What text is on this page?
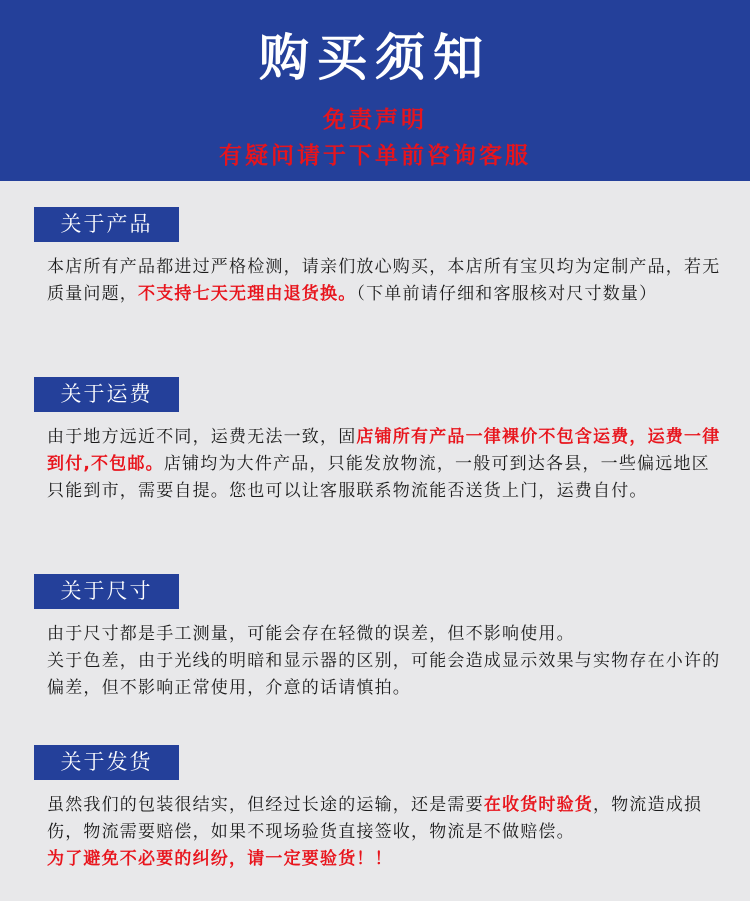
购买须知
免责声明
有疑问请于下单前咨询客服
关于产品
本店所有产品都进过严格检测，请亲们放心购买，本店所有宝贝均为定制产品，若无质量问题，不支持七天无理由退货换。（下单前请仔细和客服核对尺寸数量）
关于运费
由于地方远近不同，运费无法一致，固店铺所有产品一律裸价不包含运费，运费一律到付,不包邮。店铺均为大件产品，只能发放物流，一般可到达各县，一些偏远地区只能到市，需要自提。您也可以让客服联系物流能否送货上门，运费自付。
关于尺寸
由于尺寸都是手工测量，可能会存在轻微的误差，但不影响使用。
关于色差，由于光线的明暗和显示器的区别，可能会造成显示效果与实物存在小许的偏差，但不影响正常使用，介意的话请慎拍。
关于发货
虽然我们的包装很结实，但经过长途的运输，还是需要在收货时验货，物流造成损伤，物流需要赔偿，如果不现场验货直接签收，物流是不做赔偿。
为了避免不必要的纠纷，请一定要验货！！
